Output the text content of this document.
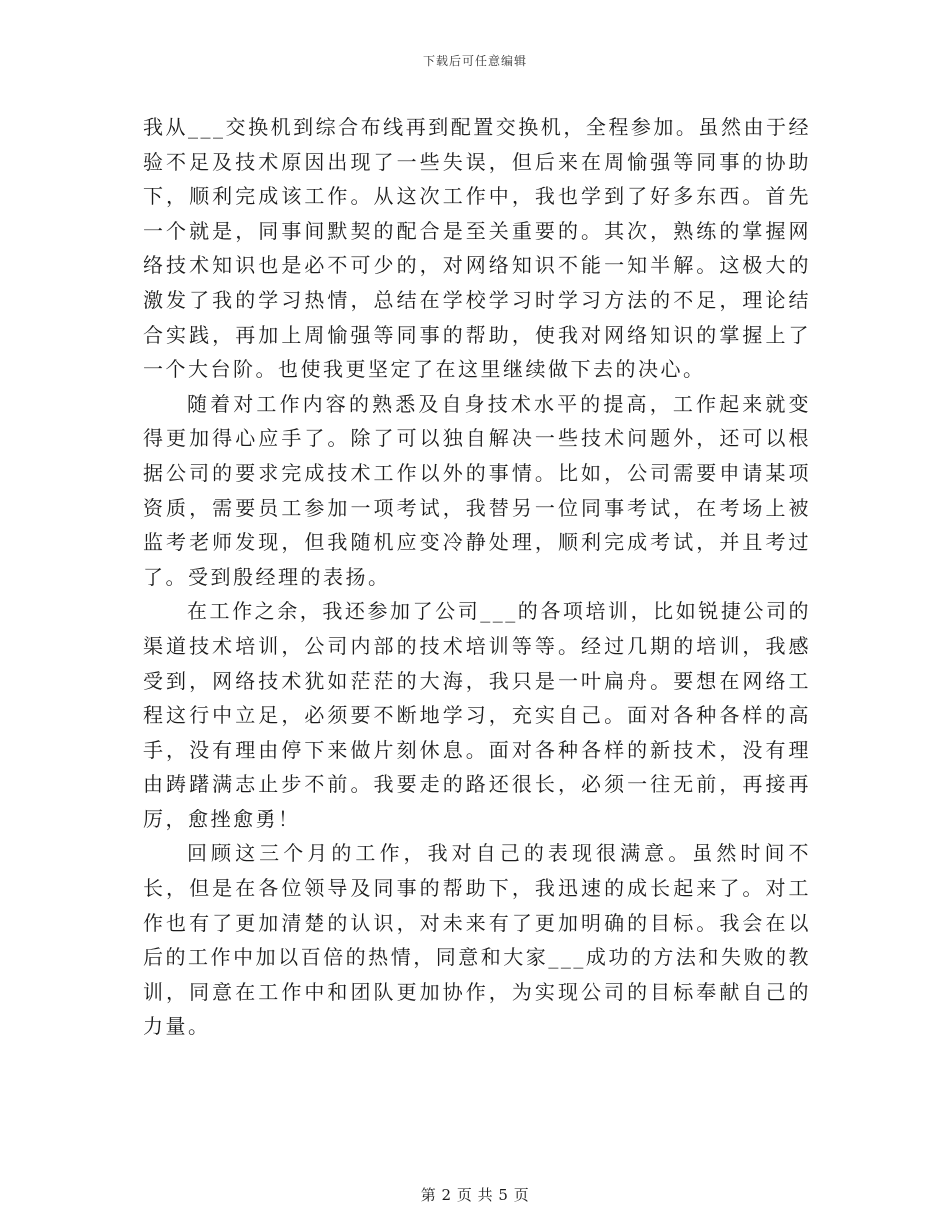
下载后可任意编辑

我从___交换机到综合布线再到配置交换机，全程参加。虽然由于经验不足及技术原因出现了一些失误，但后来在周愉强等同事的协助下，顺利完成该工作。从这次工作中，我也学到了好多东西。首先一个就是，同事间默契的配合是至关重要的。其次，熟练的掌握网络技术知识也是必不可少的，对网络知识不能一知半解。这极大的激发了我的学习热情，总结在学校学习时学习方法的不足，理论结合实践，再加上周愉强等同事的帮助，使我对网络知识的掌握上了一个大台阶。也使我更坚定了在这里继续做下去的决心。

随着对工作内容的熟悉及自身技术水平的提高，工作起来就变得更加得心应手了。除了可以独自解决一些技术问题外，还可以根据公司的要求完成技术工作以外的事情。比如，公司需要申请某项资质，需要员工参加一项考试，我替另一位同事考试，在考场上被监考老师发现，但我随机应变冷静处理，顺利完成考试，并且考过了。受到殷经理的表扬。

在工作之余，我还参加了公司___的各项培训，比如锐捷公司的渠道技术培训，公司内部的技术培训等等。经过几期的培训，我感受到，网络技术犹如茫茫的大海，我只是一叶扁舟。要想在网络工程这行中立足，必须要不断地学习，充实自己。面对各种各样的高手，没有理由停下来做片刻休息。面对各种各样的新技术，没有理由踌躇满志止步不前。我要走的路还很长，必须一往无前，再接再厉，愈挫愈勇！

回顾这三个月的工作，我对自己的表现很满意。虽然时间不长，但是在各位领导及同事的帮助下，我迅速的成长起来了。对工作也有了更加清楚的认识，对未来有了更加明确的目标。我会在以后的工作中加以百倍的热情，同意和大家___成功的方法和失败的教训，同意在工作中和团队更加协作，为实现公司的目标奉献自己的力量。

第 2 页 共 5 页
